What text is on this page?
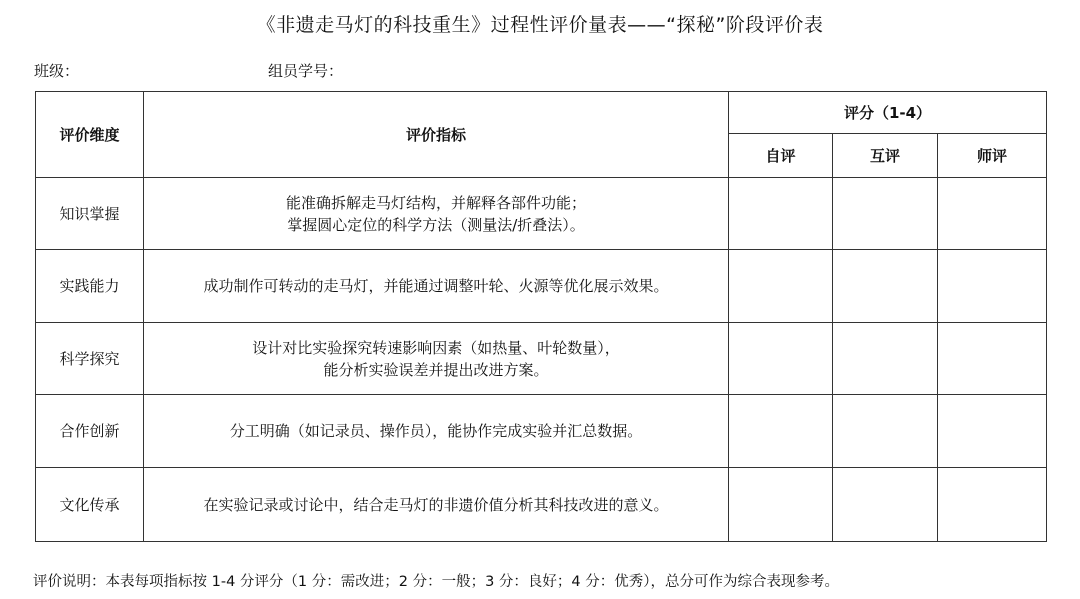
《非遗走马灯的科技重生》过程性评价量表——“探秘”阶段评价表
班级：	组员学号：
评价维度	评价指标	评分（1-4）		
		自评	互评	师评
知识掌握	能准确拆解走马灯结构，并解释各部件功能；
掌握圆心定位的科学方法（测量法/折叠法）。			

实践能力	成功制作可转动的走马灯，并能通过调整叶轮、火源等优化展示效果。			

科学探究	设计对比实验探究转速影响因素（如热量、叶轮数量），
能分析实验误差并提出改进方案。			

合作创新	分工明确（如记录员、操作员），能协作完成实验并汇总数据。			

文化传承	在实验记录或讨论中，结合走马灯的非遗价值分析其科技改进的意义。			

评价说明：本表每项指标按 1-4 分评分（1 分：需改进；2 分：一般；3 分：良好；4 分：优秀），总分可作为综合表现参考。
